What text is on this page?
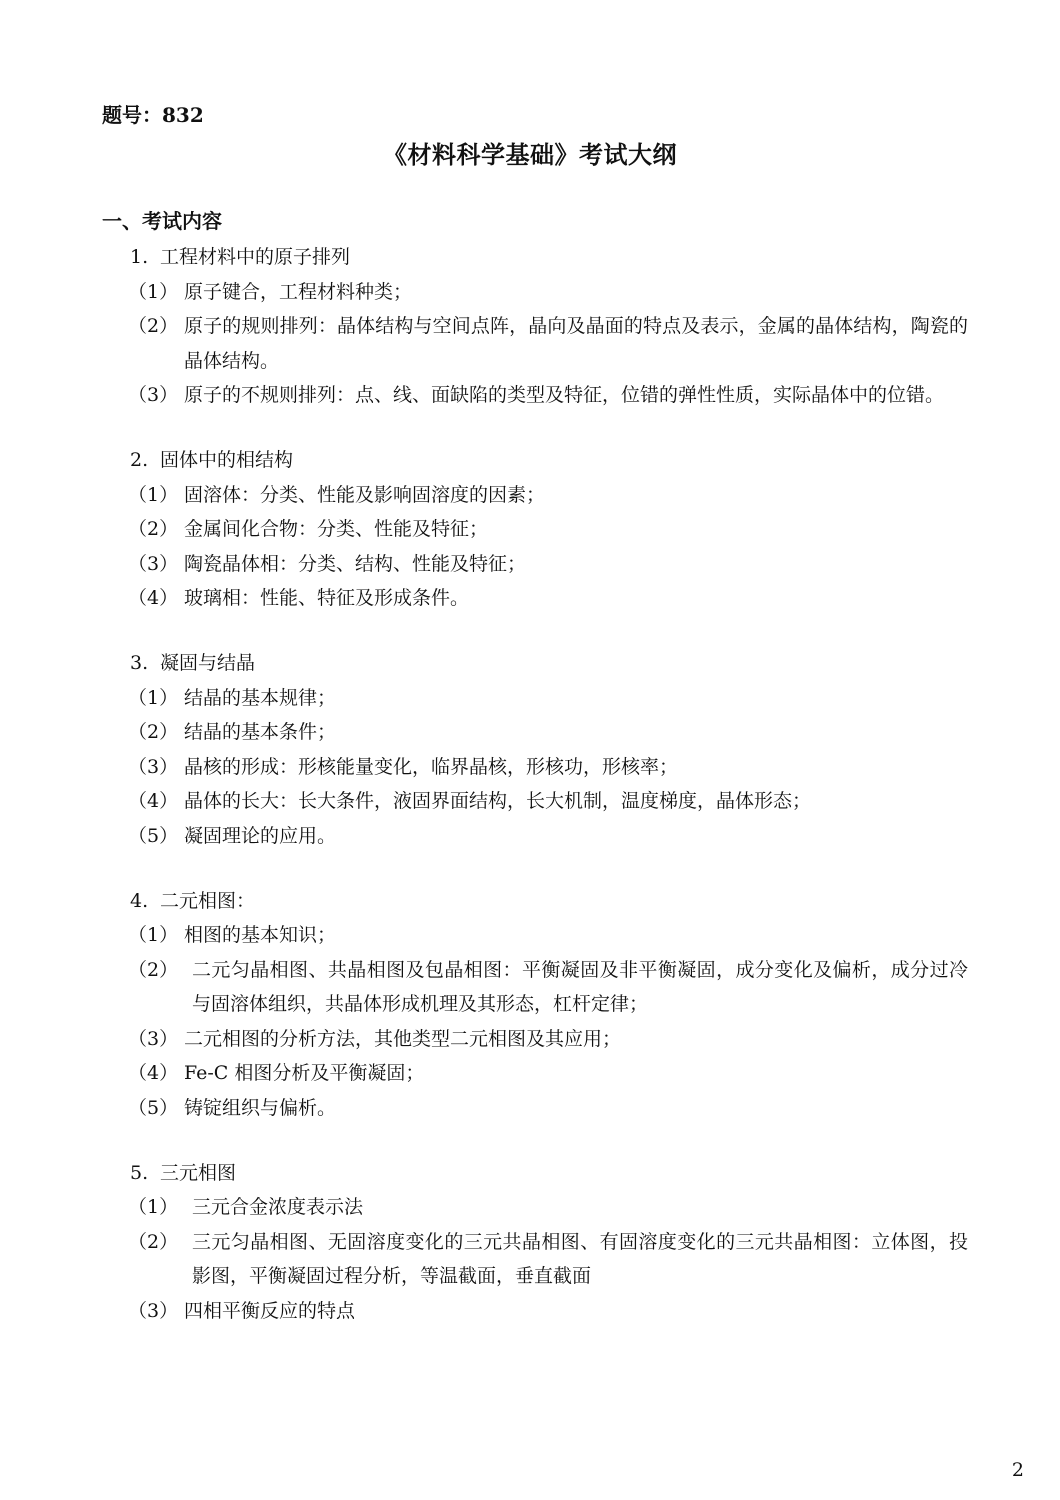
题号：832
《材料科学基础》考试大纲
一、考试内容
1. 工程材料中的原子排列
（1） 原子键合，工程材料种类；
（2） 原子的规则排列：晶体结构与空间点阵，晶向及晶面的特点及表示，金属的晶体结构，陶瓷的晶体结构。
（3） 原子的不规则排列：点、线、面缺陷的类型及特征，位错的弹性性质，实际晶体中的位错。
2. 固体中的相结构
（1） 固溶体：分类、性能及影响固溶度的因素；
（2） 金属间化合物：分类、性能及特征；
（3） 陶瓷晶体相：分类、结构、性能及特征；
（4） 玻璃相：性能、特征及形成条件。
3. 凝固与结晶
（1） 结晶的基本规律；
（2） 结晶的基本条件；
（3） 晶核的形成：形核能量变化，临界晶核，形核功，形核率；
（4） 晶体的长大：长大条件，液固界面结构，长大机制，温度梯度，晶体形态；
（5） 凝固理论的应用。
4. 二元相图：
（1） 相图的基本知识；
（2） 二元匀晶相图、共晶相图及包晶相图：平衡凝固及非平衡凝固，成分变化及偏析，成分过冷与固溶体组织，共晶体形成机理及其形态，杠杆定律；
（3） 二元相图的分析方法，其他类型二元相图及其应用；
（4） Fe-C 相图分析及平衡凝固；
（5） 铸锭组织与偏析。
5. 三元相图
（1） 三元合金浓度表示法
（2） 三元匀晶相图、无固溶度变化的三元共晶相图、有固溶度变化的三元共晶相图：立体图，投影图，平衡凝固过程分析，等温截面，垂直截面
（3） 四相平衡反应的特点
2
